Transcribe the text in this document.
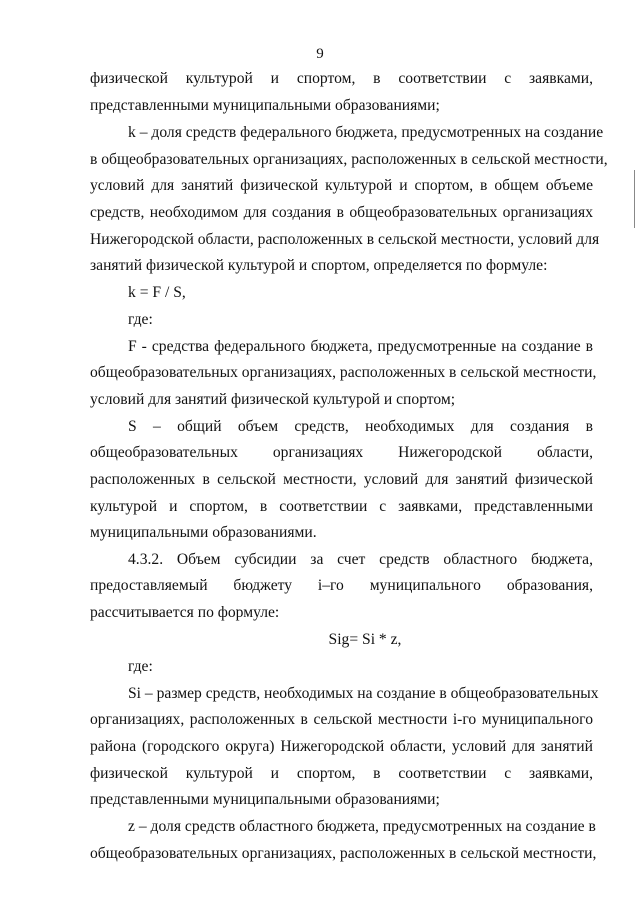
9
физической культурой и спортом, в соответствии с заявками,
представленными муниципальными образованиями;
k – доля средств федерального бюджета, предусмотренных на создание
в общеобразовательных организациях, расположенных в сельской местности,
условий для занятий физической культурой и спортом, в общем объеме
средств, необходимом для создания в общеобразовательных организациях
Нижегородской области, расположенных в сельской местности, условий для
занятий физической культурой и спортом, определяется по формуле:
k = F / S,
где:
F - средства федерального бюджета, предусмотренные на создание в
общеобразовательных организациях, расположенных в сельской местности,
условий для занятий физической культурой и спортом;
S – общий объем средств, необходимых для создания в
общеобразовательных организациях Нижегородской области,
расположенных в сельской местности, условий для занятий физической
культурой и спортом, в соответствии с заявками, представленными
муниципальными образованиями.
4.3.2. Объем субсидии за счет средств областного бюджета,
предоставляемый бюджету i–го муниципального образования,
рассчитывается по формуле:
Sig= Si * z,
где:
Si – размер средств, необходимых на создание в общеобразовательных
организациях, расположенных в сельской местности i-го муниципального
района (городского округа) Нижегородской области, условий для занятий
физической культурой и спортом, в соответствии с заявками,
представленными муниципальными образованиями;
z – доля средств областного бюджета, предусмотренных на создание в
общеобразовательных организациях, расположенных в сельской местности,
